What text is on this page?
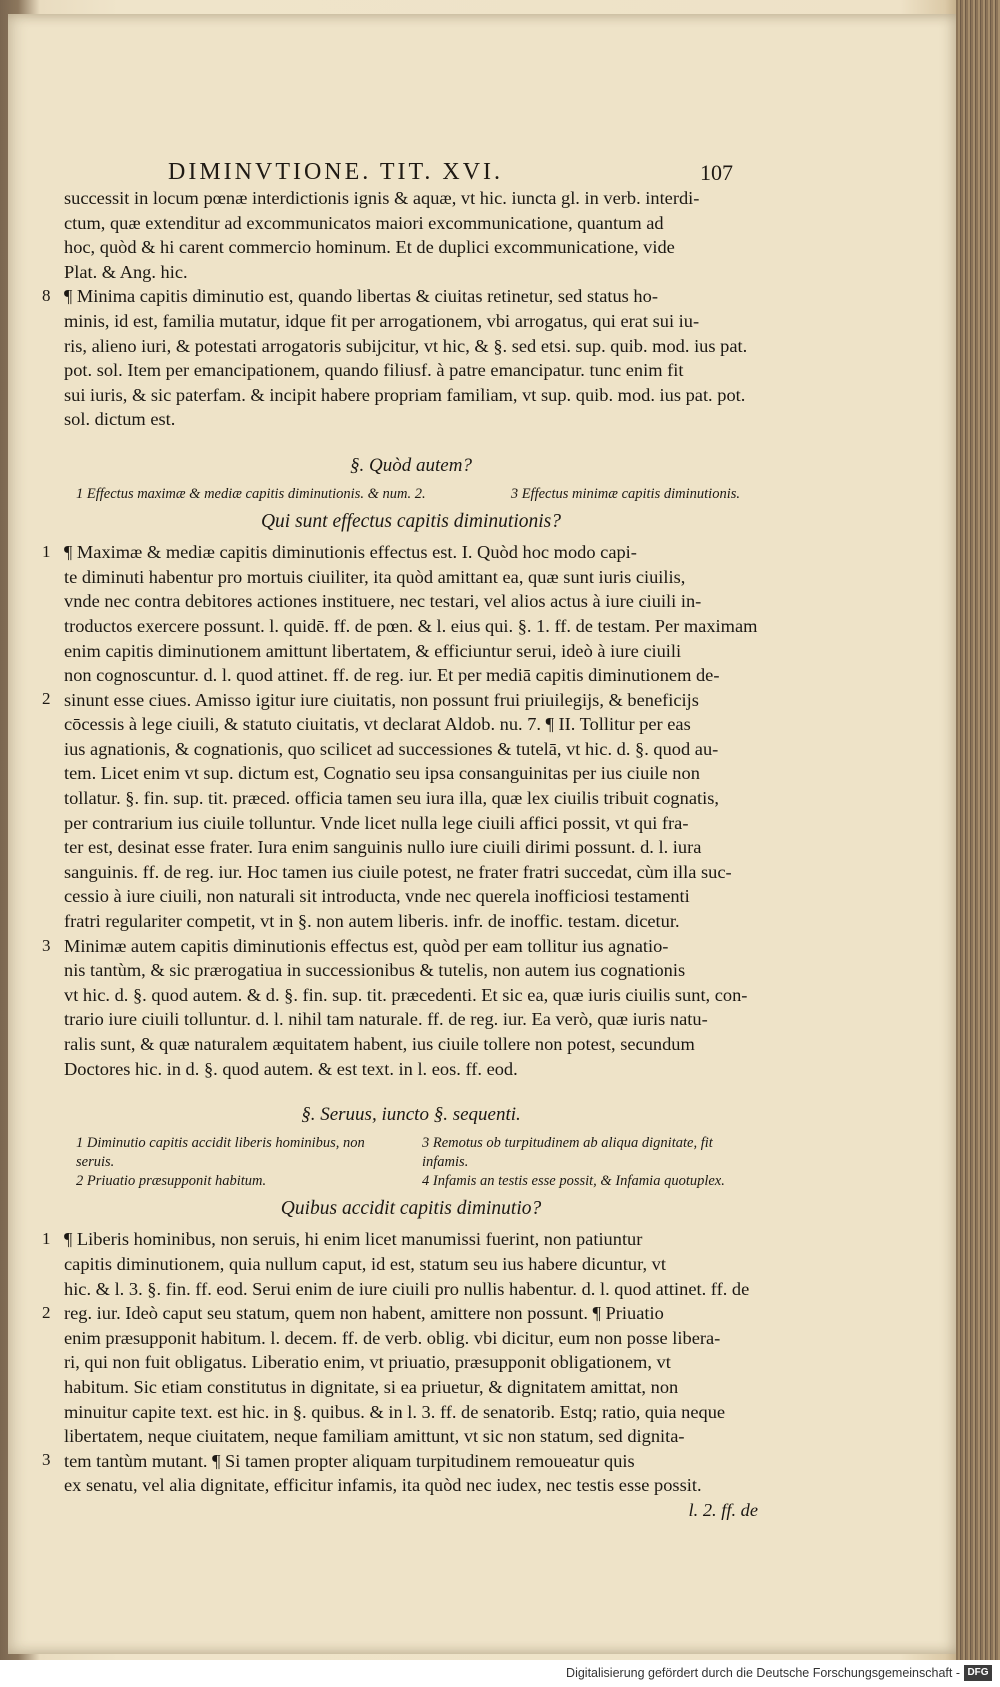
DIMINVTIONE. TIT. XVI.	107
successit in locum pœnæ interdictionis ignis & aquæ, vt hic. iuncta gl. in verb. interdi-
ctum, quæ extenditur ad excommunicatos maiori excommunicatione, quantum ad
hoc, quòd & hi carent commercio hominum. Et de duplici excommunicatione, vide
Plat. & Ang. hic.
8 ¶ Minima capitis diminutio est, quando libertas & ciuitas retinetur, sed status ho-
minis, id est, familia mutatur, idque fit per arrogationem, vbi arrogatus, qui erat sui iu-
ris, alieno iuri, & potestati arrogatoris subijcitur, vt hic, & §. sed etsi. sup. quib. mod. ius pat.
pot. sol. Item per emancipationem, quando filiusf. à patre emancipatur. tunc enim fit
sui iuris, & sic paterfam. & incipit habere propriam familiam, vt sup. quib. mod. ius pat. pot.
sol. dictum est.
§. Quòd autem?
1 Effectus maximæ & mediæ capitis diminutionis. & num. 2.	3 Effectus minimæ capitis diminutionis.
Qui sunt effectus capitis diminutionis?
1
2
¶ Maximæ & mediæ capitis diminutionis effectus est. I. Quòd hoc modo capi-
te diminuti habentur pro mortuis ciuiliter, ita quòd amittant ea, quæ sunt iuris ciuilis,
vnde nec contra debitores actiones instituere, nec testari, vel alios actus à iure ciuili in-
troductos exercere possunt. l. quidē. ff. de pœn. & l. eius qui. §. 1. ff. de testam. Per maximam
enim capitis diminutionem amittunt libertatem, & efficiuntur serui, ideò à iure ciuili
non cognoscuntur. d. l. quod attinet. ff. de reg. iur. Et per mediā capitis diminutionem de-
sinunt esse ciues. Amisso igitur iure ciuitatis, non possunt frui priuilegijs, & beneficijs
cōcessis à lege ciuili, & statuto ciuitatis, vt declarat Aldob. nu. 7. ¶ II. Tollitur per eas
ius agnationis, & cognationis, quo scilicet ad successiones & tutelā, vt hic. d. §. quod au-
tem. Licet enim vt sup. dictum est, Cognatio seu ipsa consanguinitas per ius ciuile non
tollatur. §. fin. sup. tit. præced. officia tamen seu iura illa, quæ lex ciuilis tribuit cognatis,
per contrarium ius ciuile tolluntur. Vnde licet nulla lege ciuili affici possit, vt qui fra-
ter est, desinat esse frater. Iura enim sanguinis nullo iure ciuili dirimi possunt. d. l. iura
sanguinis. ff. de reg. iur. Hoc tamen ius ciuile potest, ne frater fratri succedat, cùm illa suc-
cessio à iure ciuili, non naturali sit introducta, vnde nec querela inofficiosi testamenti
fratri regulariter competit, vt in §. non autem liberis. infr. de inoffic. testam. dicetur.
3 Minimæ autem capitis diminutionis effectus est, quòd per eam tollitur ius agnatio-
nis tantùm, & sic prærogatiua in successionibus & tutelis, non autem ius cognationis
vt hic. d. §. quod autem. & d. §. fin. sup. tit. præcedenti. Et sic ea, quæ iuris ciuilis sunt, con-
trario iure ciuili tolluntur. d. l. nihil tam naturale. ff. de reg. iur. Ea verò, quæ iuris natu-
ralis sunt, & quæ naturalem æquitatem habent, ius ciuile tollere non potest, secundum
Doctores hic. in d. §. quod autem. & est text. in l. eos. ff. eod.
§. Seruus, iuncto §. sequenti.
1 Diminutio capitis accidit liberis hominibus, non seruis.
3 Remotus ob turpitudinem ab aliqua dignitate, fit infamis.
2 Priuatio præsupponit habitum.	4 Infamis an testis esse possit, & Infamia quotuplex.
Quibus accidit capitis diminutio?
1
2
3
¶ Liberis hominibus, non seruis, hi enim licet manumissi fuerint, non patiuntur
capitis diminutionem, quia nullum caput, id est, statum seu ius habere dicuntur, vt
hic. & l. 3. §. fin. ff. eod. Serui enim de iure ciuili pro nullis habentur. d. l. quod attinet. ff. de
reg. iur. Ideò caput seu statum, quem non habent, amittere non possunt. ¶ Priuatio
enim præsupponit habitum. l. decem. ff. de verb. oblig. vbi dicitur, eum non posse libera-
ri, qui non fuit obligatus. Liberatio enim, vt priuatio, præsupponit obligationem, vt
habitum. Sic etiam constitutus in dignitate, si ea priuetur, & dignitatem amittat, non
minuitur capite text. est hic. in §. quibus. & in l. 3. ff. de senatorib. Estq; ratio, quia neque
libertatem, neque ciuitatem, neque familiam amittunt, vt sic non statum, sed dignita-
tem tantùm mutant. ¶ Si tamen propter aliquam turpitudinem remoueatur quis
ex senatu, vel alia dignitate, efficitur infamis, ita quòd nec iudex, nec testis esse possit.
l. 2. ff. de
Digitalisierung gefördert durch die Deutsche Forschungsgemeinschaft - DFG
